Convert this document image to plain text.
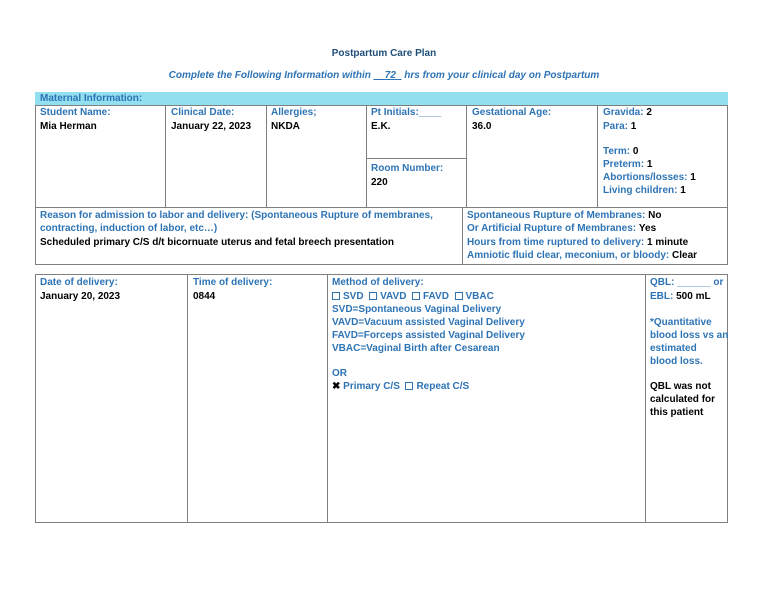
Postpartum Care Plan
Complete the Following Information within __72_ hrs from your clinical day on Postpartum
Maternal Information:
Student Name:
Mia Herman
Clinical Date:
January 22, 2023
Allergies;
NKDA
Pt Initials:____
E.K.
Room Number:
220
Gestational Age:
36.0
Gravida: 2
Para: 1
Term: 0
Preterm: 1
Abortions/losses: 1
Living children: 1
Reason for admission to labor and delivery: (Spontaneous Rupture of membranes,
contracting, induction of labor, etc…)
Scheduled primary C/S d/t bicornuate uterus and fetal breech presentation
Spontaneous Rupture of Membranes: No
Or Artificial Rupture of Membranes: Yes
Hours from time ruptured to delivery: 1 minute
Amniotic fluid clear, meconium, or bloody: Clear
Date of delivery:
January 20, 2023
Time of delivery:
0844
Method of delivery:
SVD VAVD FAVD VBAC
SVD=Spontaneous Vaginal Delivery
VAVD=Vacuum assisted Vaginal Delivery
FAVD=Forceps assisted Vaginal Delivery
VBAC=Vaginal Birth after Cesarean
OR
✖ Primary C/S Repeat C/S
QBL: ______ or
EBL: 500 mL
*Quantitative
blood loss vs an
estimated
blood loss.
QBL was not
calculated for
this patient
